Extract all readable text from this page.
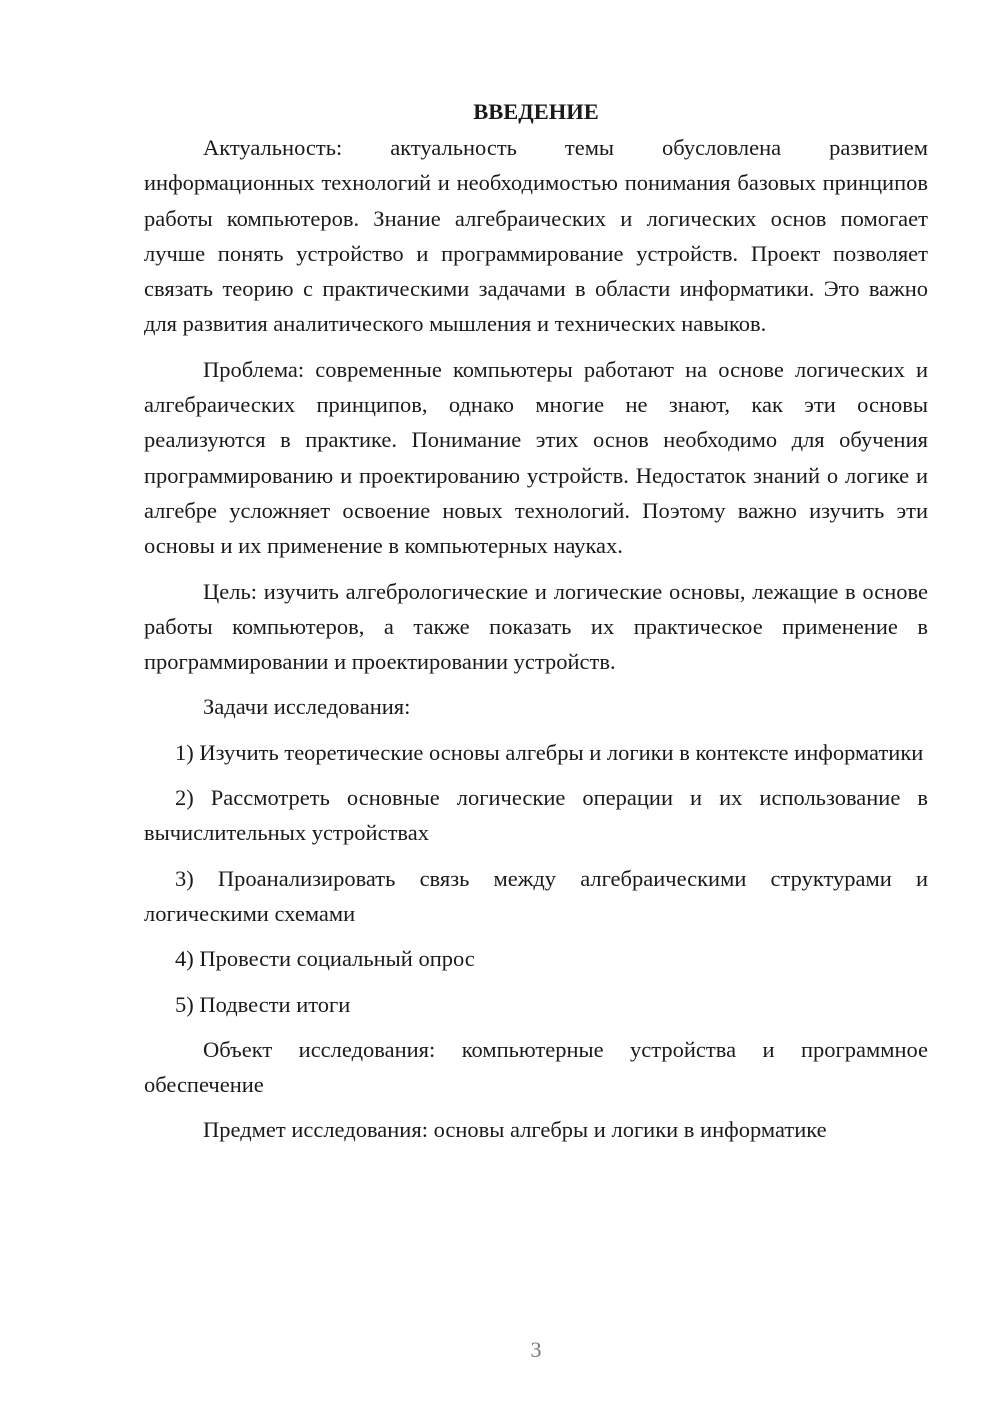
ВВЕДЕНИЕ

Актуальность: актуальность темы обусловлена развитием информационных технологий и необходимостью понимания базовых принципов работы компьютеров. Знание алгебраических и логических основ помогает лучше понять устройство и программирование устройств. Проект позволяет связать теорию с практическими задачами в области информатики. Это важно для развития аналитического мышления и технических навыков.

Проблема: современные компьютеры работают на основе логических и алгебраических принципов, однако многие не знают, как эти основы реализуются в практике. Понимание этих основ необходимо для обучения программированию и проектированию устройств. Недостаток знаний о логике и алгебре усложняет освоение новых технологий. Поэтому важно изучить эти основы и их применение в компьютерных науках.

Цель: изучить алгебрологические и логические основы, лежащие в основе работы компьютеров, а также показать их практическое применение в программировании и проектировании устройств.

Задачи исследования:

1) Изучить теоретические основы алгебры и логики в контексте информатики

2) Рассмотреть основные логические операции и их использование в вычислительных устройствах

3) Проанализировать связь между алгебраическими структурами и логическими схемами

4) Провести социальный опрос

5) Подвести итоги

Объект исследования: компьютерные устройства и программное обеспечение

Предмет исследования: основы алгебры и логики в информатике

3
